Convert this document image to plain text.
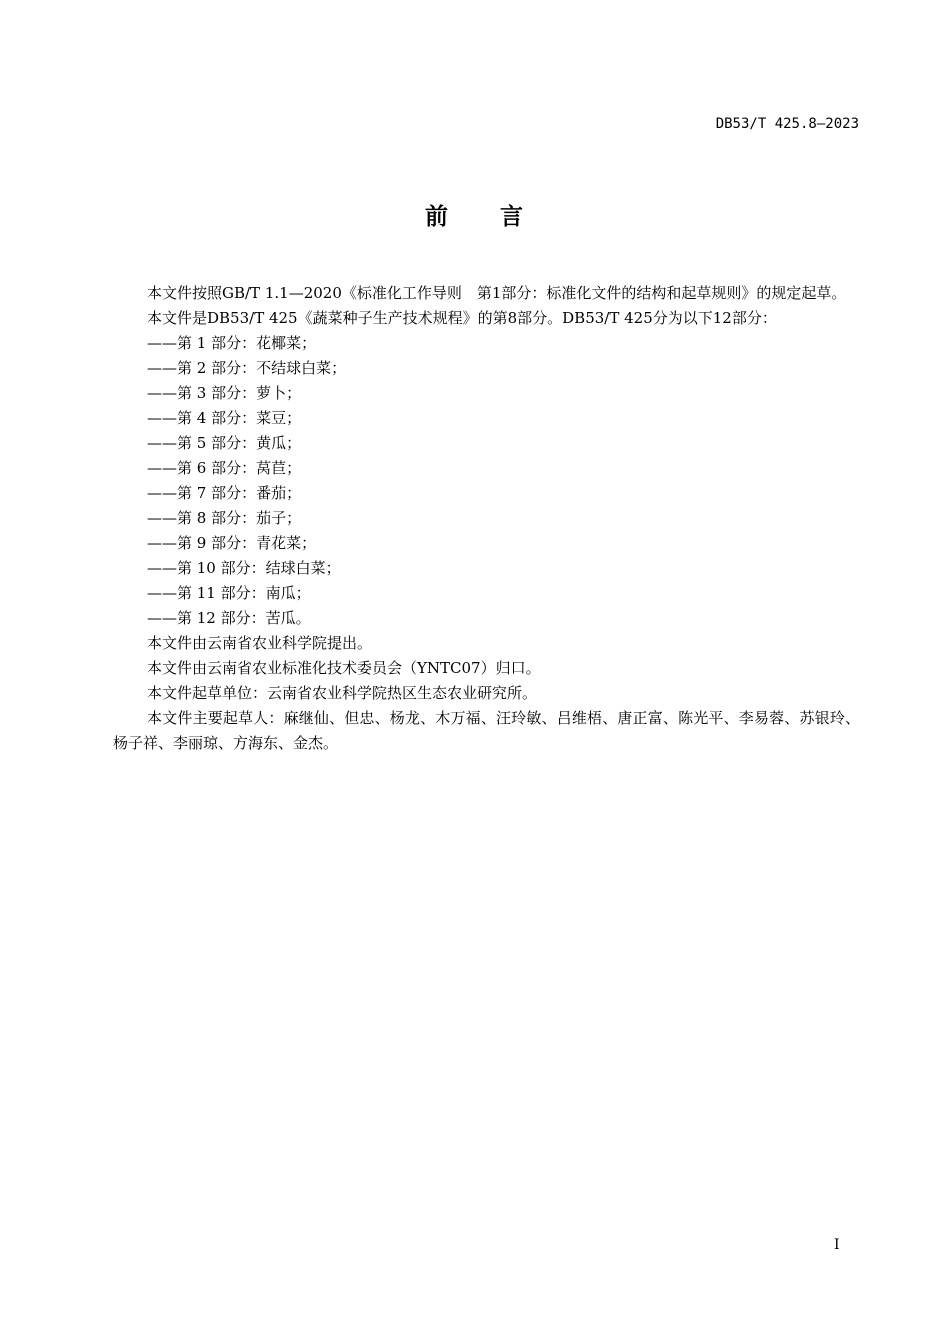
DB53/T 425.8—2023
前　　言

本文件按照GB/T 1.1—2020《标准化工作导则　第1部分：标准化文件的结构和起草规则》的规定起草。

本文件是DB53/T 425《蔬菜种子生产技术规程》的第8部分。DB53/T 425分为以下12部分：

——第 1 部分：花椰菜；

——第 2 部分：不结球白菜；

——第 3 部分：萝卜；

——第 4 部分：菜豆；

——第 5 部分：黄瓜；

——第 6 部分：莴苣；

——第 7 部分：番茄；

——第 8 部分：茄子；

——第 9 部分：青花菜；

——第 10 部分：结球白菜；

——第 11 部分：南瓜；

——第 12 部分：苦瓜。

本文件由云南省农业科学院提出。

本文件由云南省农业标准化技术委员会（YNTC07）归口。

本文件起草单位：云南省农业科学院热区生态农业研究所。

本文件主要起草人：麻继仙、但忠、杨龙、木万福、汪玲敏、吕维梧、唐正富、陈光平、李易蓉、苏银玲、杨子祥、李丽琼、方海东、金杰。

I
